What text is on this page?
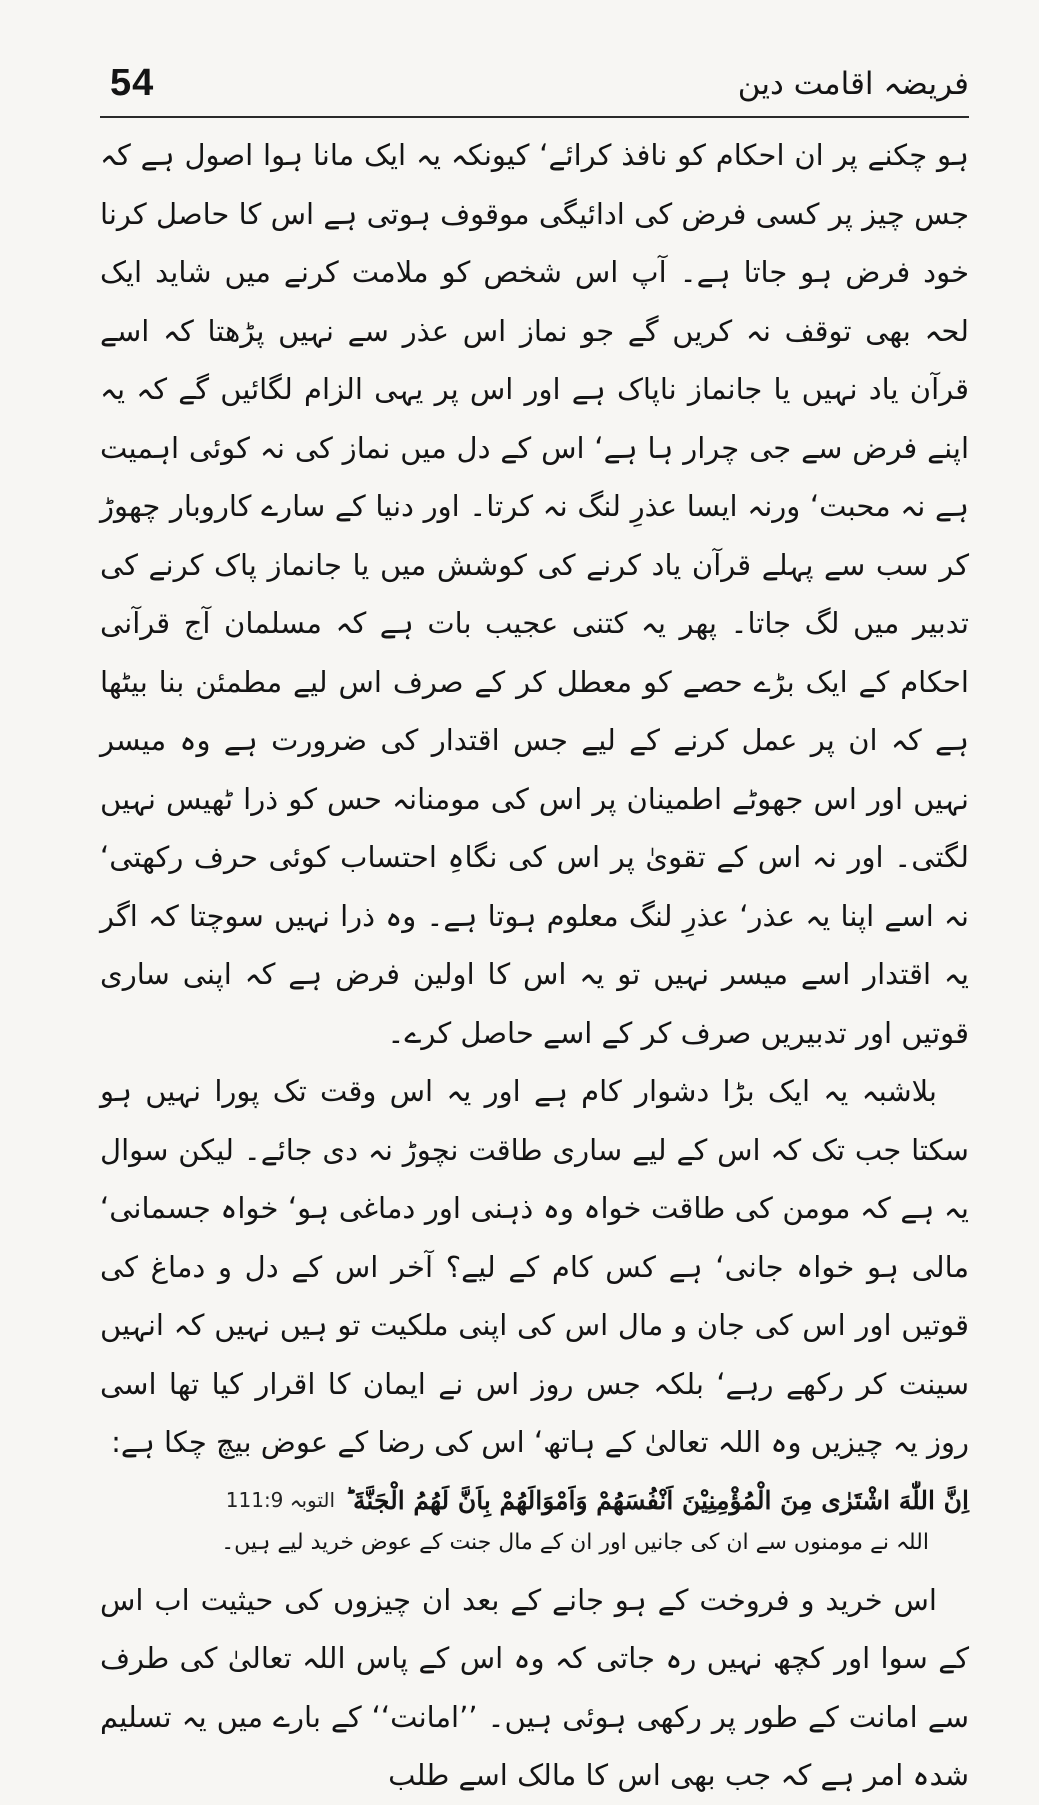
54	فریضہ اقامت دین

ہو چکنے پر ان احکام کو نافذ کرائے‘ کیونکہ یہ ایک مانا ہوا اصول ہے کہ جس چیز پر کسی فرض کی ادائیگی موقوف ہوتی ہے اس کا حاصل کرنا خود فرض ہو جاتا ہے۔ آپ اس شخص کو ملامت کرنے میں شاید ایک لحہ بھی توقف نہ کریں گے جو نماز اس عذر سے نہیں پڑھتا کہ اسے قرآن یاد نہیں یا جانماز ناپاک ہے اور اس پر یہی الزام لگائیں گے کہ یہ اپنے فرض سے جی چرار ہا ہے‘ اس کے دل میں نماز کی نہ کوئی اہمیت ہے نہ محبت‘ ورنہ ایسا عذرِ لنگ نہ کرتا۔ اور دنیا کے سارے کاروبار چھوڑ کر سب سے پہلے قرآن یاد کرنے کی کوشش میں یا جانماز پاک کرنے کی تدبیر میں لگ جاتا۔ پھر یہ کتنی عجیب بات ہے کہ مسلمان آج قرآنی احکام کے ایک بڑے حصے کو معطل کر کے صرف اس لیے مطمئن بنا بیٹھا ہے کہ ان پر عمل کرنے کے لیے جس اقتدار کی ضرورت ہے وہ میسر نہیں اور اس جھوٹے اطمینان پر اس کی مومنانہ حس کو ذرا ٹھیس نہیں لگتی۔ اور نہ اس کے تقویٰ پر اس کی نگاہِ احتساب کوئی حرف رکھتی‘ نہ اسے اپنا یہ عذر‘ عذرِ لنگ معلوم ہوتا ہے۔ وہ ذرا نہیں سوچتا کہ اگر یہ اقتدار اسے میسر نہیں تو یہ اس کا اولین فرض ہے کہ اپنی ساری قوتیں اور تدبیریں صرف کر کے اسے حاصل کرے۔

بلاشبہ یہ ایک بڑا دشوار کام ہے اور یہ اس وقت تک پورا نہیں ہو سکتا جب تک کہ اس کے لیے ساری طاقت نچوڑ نہ دی جائے۔ لیکن سوال یہ ہے کہ مومن کی طاقت خواہ وہ ذہنی اور دماغی ہو‘ خواہ جسمانی‘ مالی ہو خواہ جانی‘ ہے کس کام کے لیے؟ آخر اس کے دل و دماغ کی قوتیں اور اس کی جان و مال اس کی اپنی ملکیت تو ہیں نہیں کہ انہیں سینت کر رکھے رہے‘ بلکہ جس روز اس نے ایمان کا اقرار کیا تھا اسی روز یہ چیزیں وہ اللہ تعالیٰ کے ہاتھ‘ اس کی رضا کے عوض بیچ چکا ہے:

اِنَّ اللّٰهَ اشْتَرٰى مِنَ الْمُؤْمِنِيْنَ اَنْفُسَهُمْ وَاَمْوَالَهُمْ بِاَنَّ لَهُمُ الْجَنَّةَ ؕ
التوبہ 111:9
اللہ نے مومنوں سے ان کی جانیں اور ان کے مال جنت کے عوض خرید لیے ہیں۔

اس خرید و فروخت کے ہو جانے کے بعد ان چیزوں کی حیثیت اب اس کے سوا اور کچھ نہیں رہ جاتی کہ وہ اس کے پاس اللہ تعالیٰ کی طرف سے امانت کے طور پر رکھی ہوئی ہیں۔ ’’امانت‘‘ کے بارے میں یہ تسلیم شدہ امر ہے کہ جب بھی اس کا مالک اسے طلب
